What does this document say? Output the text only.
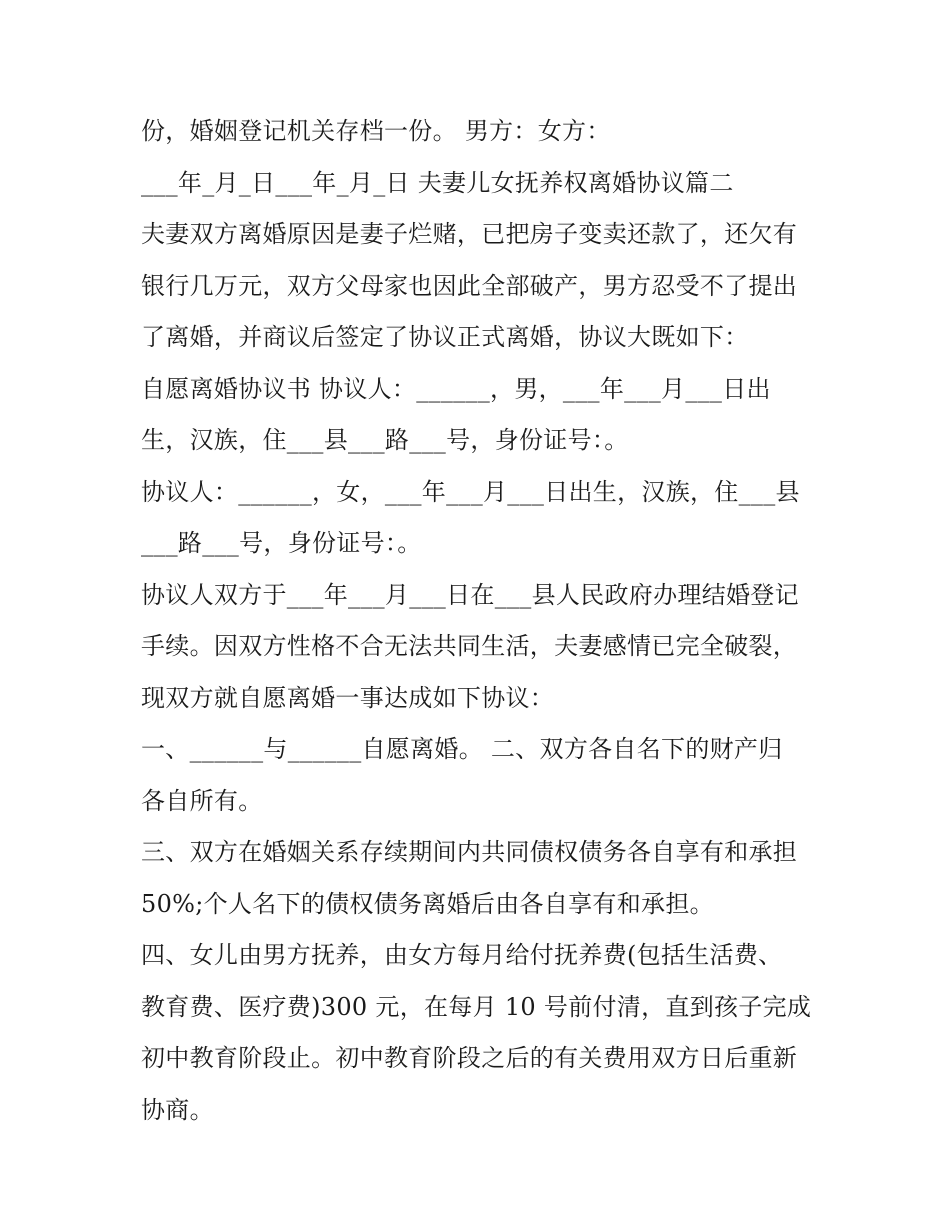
份，婚姻登记机关存档一份。 男方：女方：
___年_月_日___年_月_日 夫妻儿女抚养权离婚协议篇二
夫妻双方离婚原因是妻子烂赌，已把房子变卖还款了，还欠有
银行几万元，双方父母家也因此全部破产，男方忍受不了提出
了离婚，并商议后签定了协议正式离婚，协议大既如下：
自愿离婚协议书 协议人：______，男，___年___月___日出
生，汉族，住___县___路___号，身份证号：。
协议人：______，女，___年___月___日出生，汉族，住___县
___路___号，身份证号：。
协议人双方于___年___月___日在___县人民政府办理结婚登记
手续。因双方性格不合无法共同生活，夫妻感情已完全破裂，
现双方就自愿离婚一事达成如下协议：
一、______与______自愿离婚。 二、双方各自名下的财产归
各自所有。
三、双方在婚姻关系存续期间内共同债权债务各自享有和承担
50%;个人名下的债权债务离婚后由各自享有和承担。
四、女儿由男方抚养，由女方每月给付抚养费(包括生活费、
教育费、医疗费)300 元，在每月 10 号前付清，直到孩子完成
初中教育阶段止。初中教育阶段之后的有关费用双方日后重新
协商。
